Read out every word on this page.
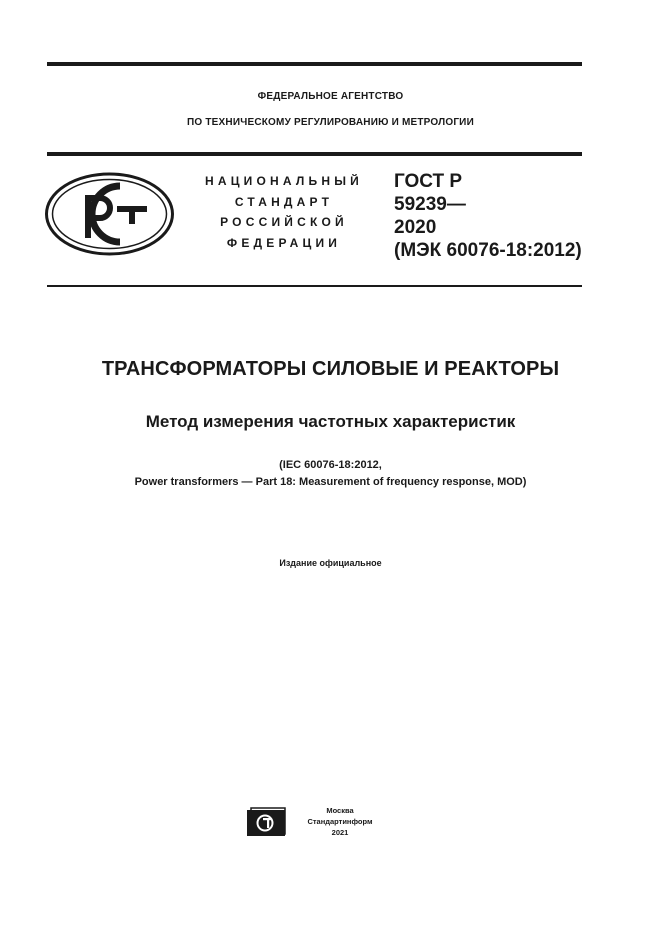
ФЕДЕРАЛЬНОЕ АГЕНТСТВО
ПО ТЕХНИЧЕСКОМУ РЕГУЛИРОВАНИЮ И МЕТРОЛОГИИ
НАЦИОНАЛЬНЫЙ
СТАНДАРТ
РОССИЙСКОЙ
ФЕДЕРАЦИИ
ГОСТ Р
59239—
2020
(МЭК 60076-18:2012)
ТРАНСФОРМАТОРЫ СИЛОВЫЕ И РЕАКТОРЫ
Метод измерения частотных характеристик
(IEC 60076-18:2012,
Power transformers — Part 18: Measurement of frequency response, MOD)
Издание официальное
Москва
Стандартинформ
2021
